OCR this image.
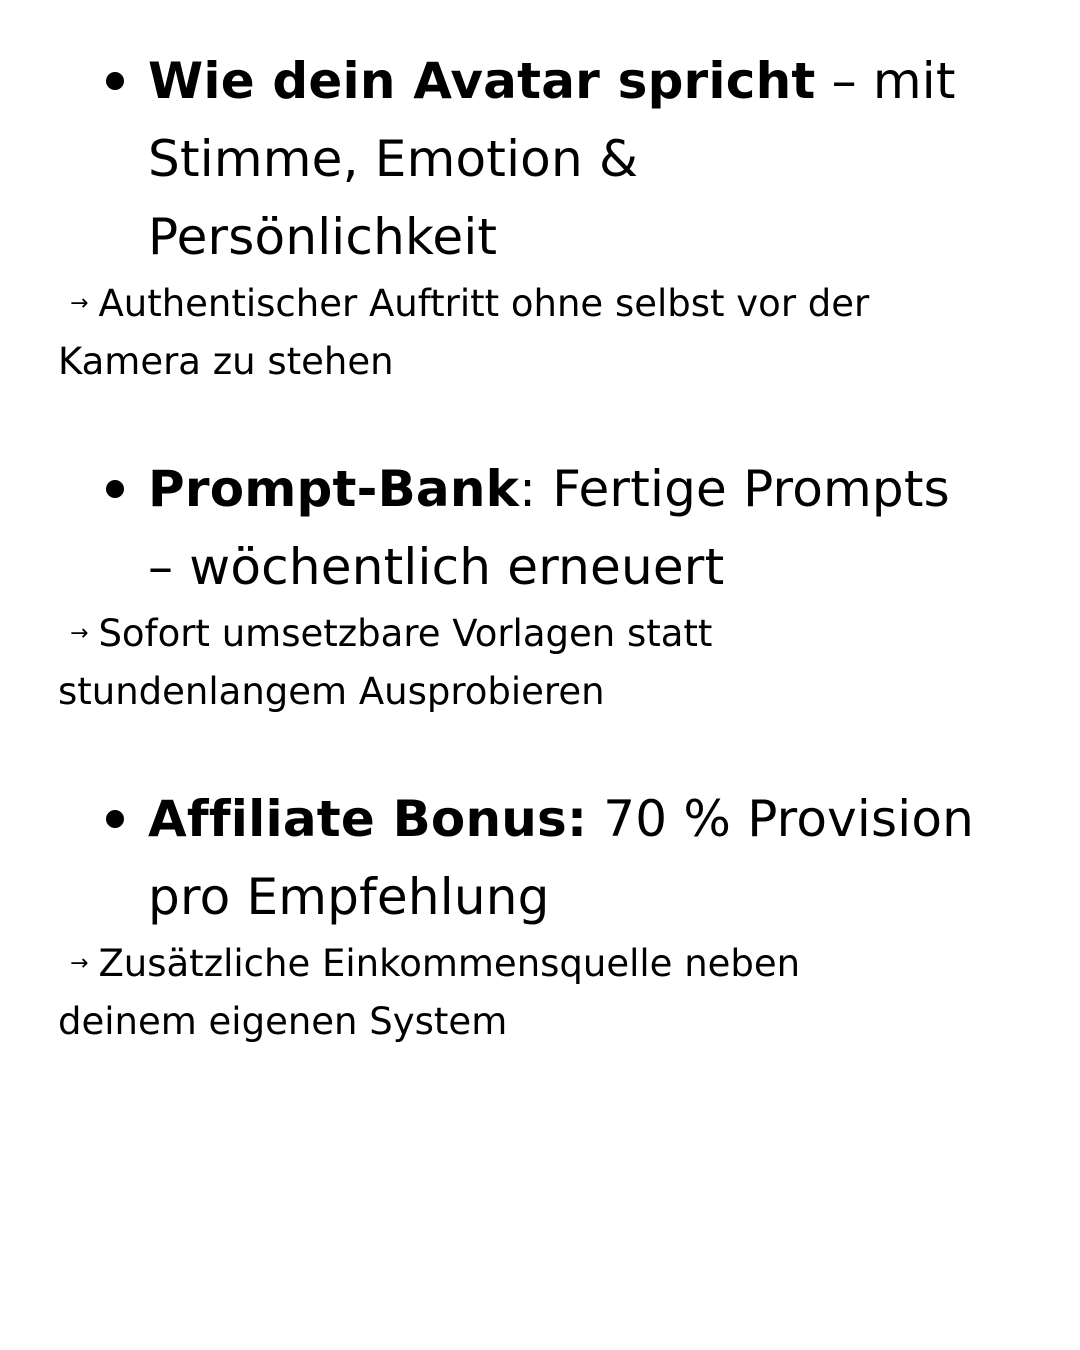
Wie dein Avatar spricht – mit
Stimme, Emotion &
Persönlichkeit
→ Authentischer Auftritt ohne selbst vor der
Kamera zu stehen
Prompt-Bank: Fertige Prompts
– wöchentlich erneuert
→ Sofort umsetzbare Vorlagen statt
stundenlangem Ausprobieren
Affiliate Bonus: 70 % Provision
pro Empfehlung
→ Zusätzliche Einkommensquelle neben
deinem eigenen System
